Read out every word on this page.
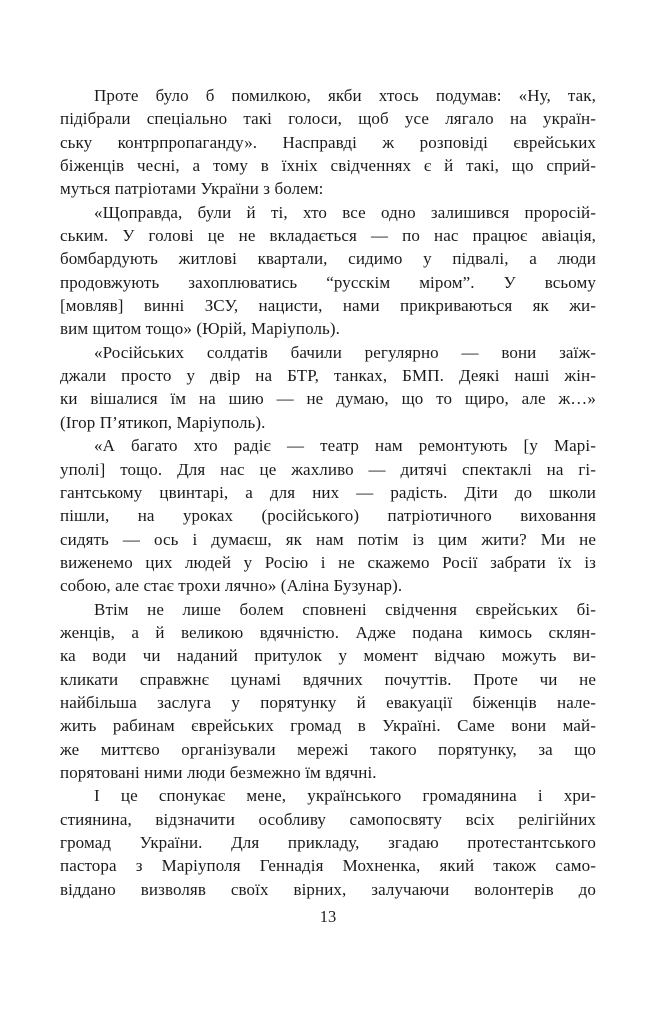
Проте було б помилкою, якби хтось подумав: «Ну, так,
підібрали спеціально такі голоси, щоб усе лягало на україн-
ську контрпропаганду». Насправді ж розповіді єврейських
біженців чесні, а тому в їхніх свідченнях є й такі, що сприй-
муться патріотами України з болем:
«Щоправда, були й ті, хто все одно залишився проросій-
ським. У голові це не вкладається — по нас працює авіація,
бомбардують житлові квартали, сидимо у підвалі, а люди
продовжують захоплюватись “русскім міром”. У всьому
[мовляв] винні ЗСУ, нацисти, нами прикриваються як жи-
вим щитом тощо» (Юрій, Маріуполь).
«Російських солдатів бачили регулярно — вони заїж-
джали просто у двір на БТР, танках, БМП. Деякі наші жін-
ки вішалися їм на шию — не думаю, що то щиро, але ж…»
(Ігор П’ятикоп, Маріуполь).
«А багато хто радіє — театр нам ремонтують [у Марі-
уполі] тощо. Для нас це жахливо — дитячі спектаклі на гі-
гантському цвинтарі, а для них — радість. Діти до школи
пішли, на уроках (російського) патріотичного виховання
сидять — ось і думаєш, як нам потім із цим жити? Ми не
виженемо цих людей у Росію і не скажемо Росії забрати їх із
собою, але стає трохи лячно» (Аліна Бузунар).
Втім не лише болем сповнені свідчення єврейських бі-
женців, а й великою вдячністю. Адже подана кимось склян-
ка води чи наданий притулок у момент відчаю можуть ви-
кликати справжнє цунамі вдячних почуттів. Проте чи не
найбільша заслуга у порятунку й евакуації біженців нале-
жить рабинам єврейських громад в Україні. Саме вони май-
же миттєво організували мережі такого порятунку, за що
порятовані ними люди безмежно їм вдячні.
І це спонукає мене, українського громадянина і хри-
стиянина, відзначити особливу самопосвяту всіх релігійних
громад України. Для прикладу, згадаю протестантського
пастора з Маріуполя Геннадія Мохненка, який також само-
віддано визволяв своїх вірних, залучаючи волонтерів до
13
